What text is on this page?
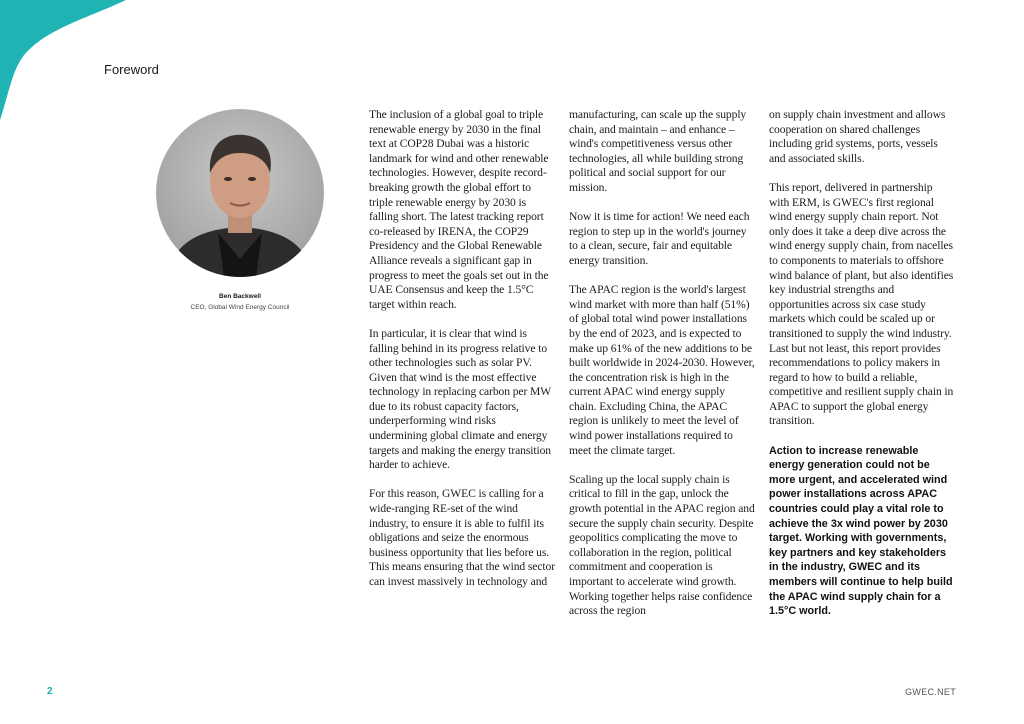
Foreword
Ben Backwell
CEO, Global Wind Energy Council

The inclusion of a global goal to triple renewable energy by 2030 in the final text at COP28 Dubai was a historic landmark for wind and other renewable technologies. However, despite record-breaking growth the global effort to triple renewable energy by 2030 is falling short. The latest tracking report co-released by IRENA, the COP29 Presidency and the Global Renewable Alliance reveals a significant gap in progress to meet the goals set out in the UAE Consensus and keep the 1.5°C target within reach.

In particular, it is clear that wind is falling behind in its progress relative to other technologies such as solar PV. Given that wind is the most effective technology in replacing carbon per MW due to its robust capacity factors, underperforming wind risks undermining global climate and energy targets and making the energy transition harder to achieve.

For this reason, GWEC is calling for a wide-ranging RE-set of the wind industry, to ensure it is able to fulfil its obligations and seize the enormous business opportunity that lies before us. This means ensuring that the wind sector can invest massively in technology and

manufacturing, can scale up the supply chain, and maintain – and enhance – wind's competitiveness versus other technologies, all while building strong political and social support for our mission.

Now it is time for action! We need each region to step up in the world's journey to a clean, secure, fair and equitable energy transition.

The APAC region is the world's largest wind market with more than half (51%) of global total wind power installations by the end of 2023, and is expected to make up 61% of the new additions to be built worldwide in 2024-2030. However, the concentration risk is high in the current APAC wind energy supply chain. Excluding China, the APAC region is unlikely to meet the level of wind power installations required to meet the climate target.

Scaling up the local supply chain is critical to fill in the gap, unlock the growth potential in the APAC region and secure the supply chain security. Despite geopolitics complicating the move to collaboration in the region, political commitment and cooperation is important to accelerate wind growth. Working together helps raise confidence across the region

on supply chain investment and allows cooperation on shared challenges including grid systems, ports, vessels and associated skills.

This report, delivered in partnership with ERM, is GWEC's first regional wind energy supply chain report. Not only does it take a deep dive across the wind energy supply chain, from nacelles to components to materials to offshore wind balance of plant, but also identifies key industrial strengths and opportunities across six case study markets which could be scaled up or transitioned to supply the wind industry. Last but not least, this report provides recommendations to policy makers in regard to how to build a reliable, competitive and resilient supply chain in APAC to support the global energy transition.

Action to increase renewable energy generation could not be more urgent, and accelerated wind power installations across APAC countries could play a vital role to achieve the 3x wind power by 2030 target. Working with governments, key partners and key stakeholders in the industry, GWEC and its members will continue to help build the APAC wind supply chain for a 1.5°C world.

2	GWEC.NET
